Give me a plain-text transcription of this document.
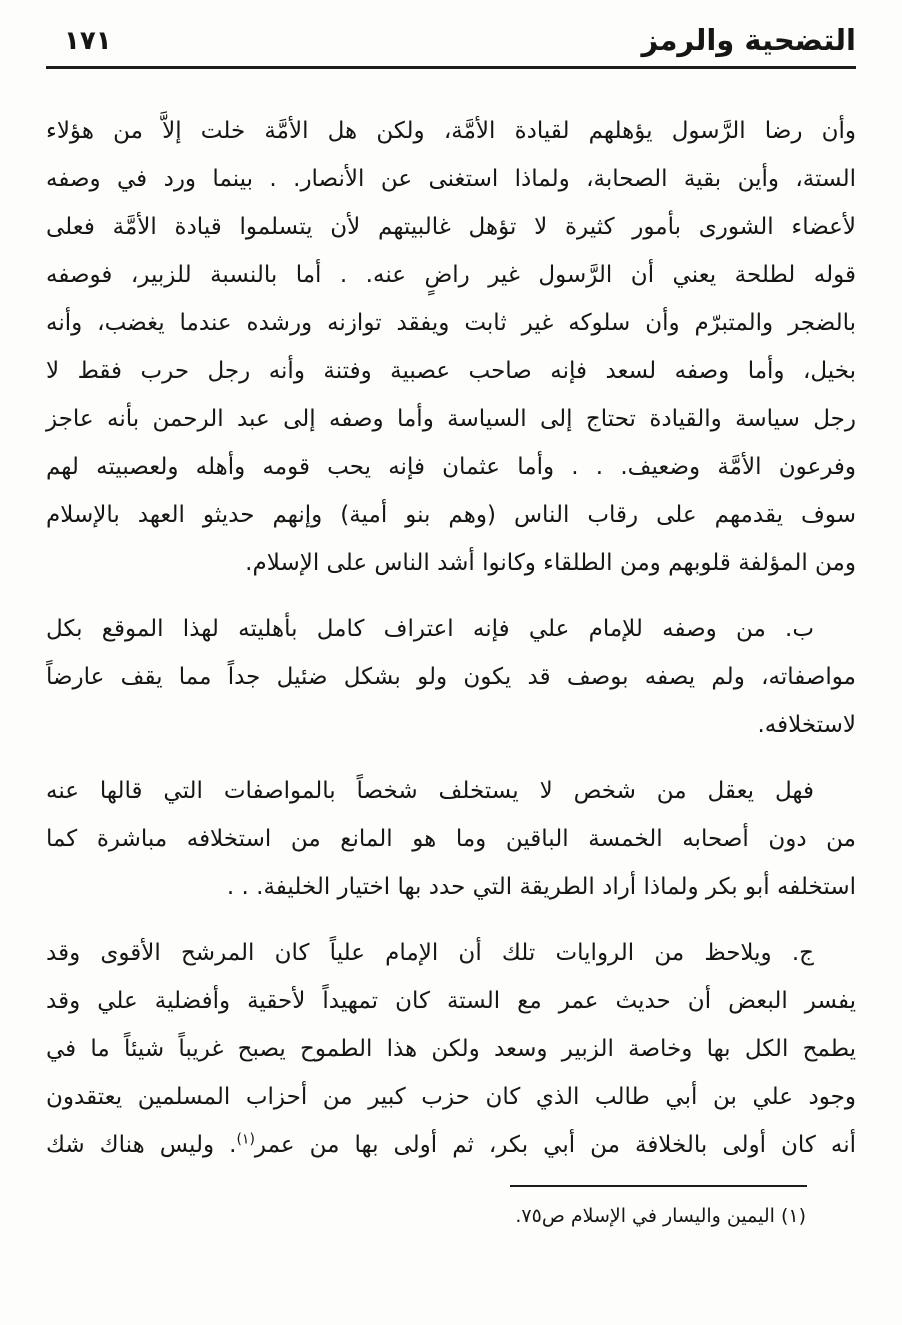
التضحية والرمز
١٧١

وأن رضا الرَّسول يؤهلهم لقيادة الأمَّة، ولكن هل الأمَّة خلت إلاَّ من هؤلاء
الستة، وأين بقية الصحابة، ولماذا استغنى عن الأنصار. . بينما ورد في وصفه
لأعضاء الشورى بأمور كثيرة لا تؤهل غالبيتهم لأن يتسلموا قيادة الأمَّة فعلى
قوله لطلحة يعني أن الرَّسول غير راضٍ عنه. . أما بالنسبة للزبير، فوصفه
بالضجر والمتبرّم وأن سلوكه غير ثابت ويفقد توازنه ورشده عندما يغضب، وأنه
بخيل، وأما وصفه لسعد فإنه صاحب عصبية وفتنة وأنه رجل حرب فقط لا
رجل سياسة والقيادة تحتاج إلى السياسة وأما وصفه إلى عبد الرحمن بأنه عاجز
وفرعون الأمَّة وضعيف. . . وأما عثمان فإنه يحب قومه وأهله ولعصبيته لهم
سوف يقدمهم على رقاب الناس (وهم بنو أمية) وإنهم حديثو العهد بالإسلام
ومن المؤلفة قلوبهم ومن الطلقاء وكانوا أشد الناس على الإسلام.

ب. من وصفه للإمام علي فإنه اعتراف كامل بأهليته لهذا الموقع بكل
مواصفاته، ولم يصفه بوصف قد يكون ولو بشكل ضئيل جداً مما يقف عارضاً
لاستخلافه.

فهل يعقل من شخص لا يستخلف شخصاً بالمواصفات التي قالها عنه
من دون أصحابه الخمسة الباقين وما هو المانع من استخلافه مباشرة كما
استخلفه أبو بكر ولماذا أراد الطريقة التي حدد بها اختيار الخليفة. . .

ج. ويلاحظ من الروايات تلك أن الإمام علياً كان المرشح الأقوى وقد
يفسر البعض أن حديث عمر مع الستة كان تمهيداً لأحقية وأفضلية علي وقد
يطمح الكل بها وخاصة الزبير وسعد ولكن هذا الطموح يصبح غريباً شيئاً ما في
وجود علي بن أبي طالب الذي كان حزب كبير من أحزاب المسلمين يعتقدون
أنه كان أولى بالخلافة من أبي بكر، ثم أولى بها من عمر$^{(١)}$. وليس هناك شك

(١) اليمين واليسار في الإسلام ص٧٥.
